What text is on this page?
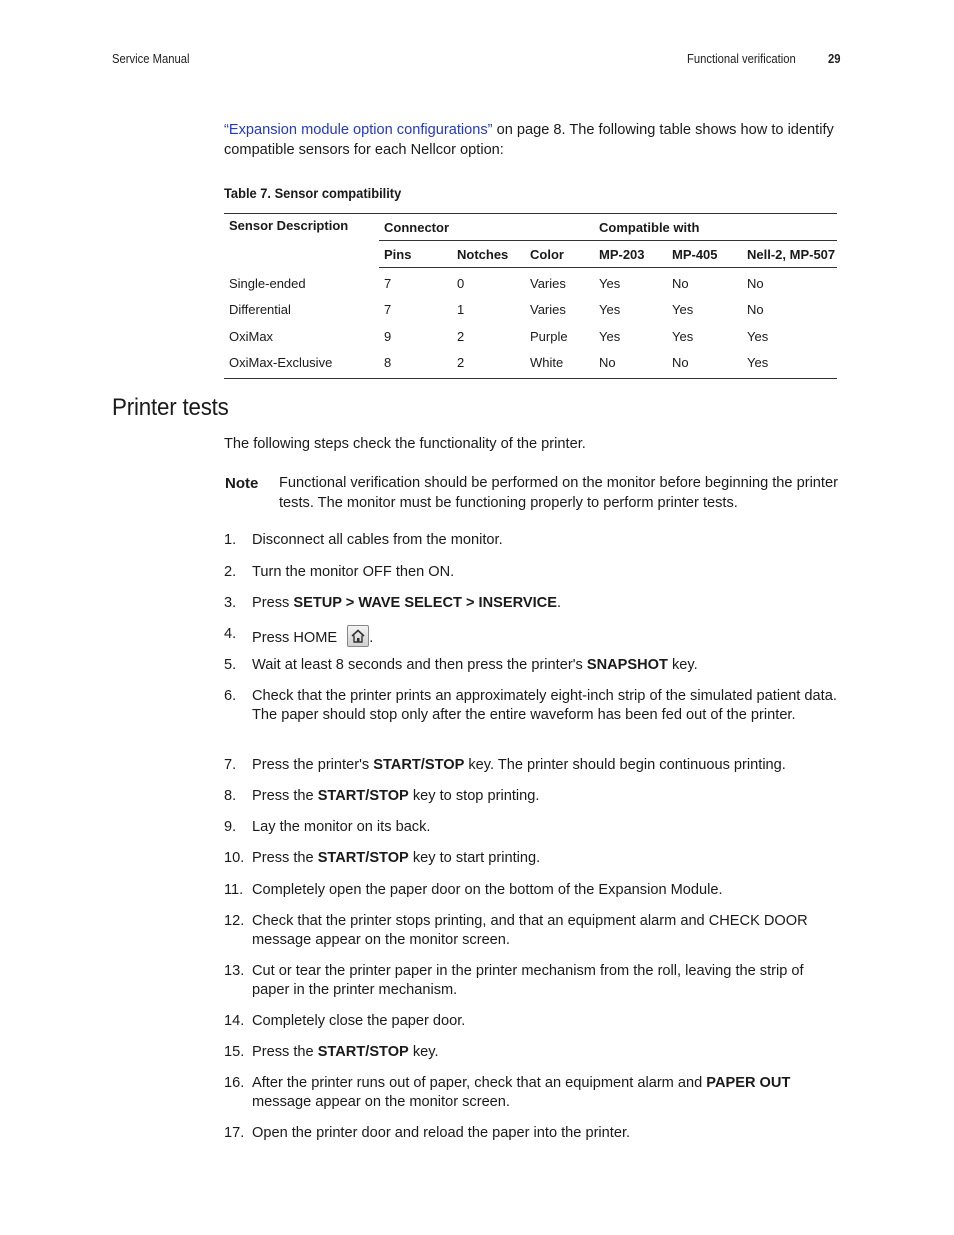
Service Manual	Functional verification	29
“Expansion module option configurations” on page 8. The following table shows how to identify compatible sensors for each Nellcor option:
Table 7. Sensor compatibility
Sensor Description	Connector			Compatible with		
	Pins	Notches	Color	MP-203	MP-405	Nell-2, MP-507
Single-ended	7	0	Varies	Yes	No	No
Differential	7	1	Varies	Yes	Yes	No
OxiMax	9	2	Purple	Yes	Yes	Yes
OxiMax-Exclusive	8	2	White	No	No	Yes
Printer tests
The following steps check the functionality of the printer.
Note Functional verification should be performed on the monitor before beginning the printer tests. The monitor must be functioning properly to perform printer tests.
1. Disconnect all cables from the monitor.
2. Turn the monitor OFF then ON.
3. Press SETUP > WAVE SELECT > INSERVICE.
4. Press HOME
.
5. Wait at least 8 seconds and then press the printer's SNAPSHOT key.
6. Check that the printer prints an approximately eight-inch strip of the simulated patient data. The paper should stop only after the entire waveform has been fed out of the printer.
7. Press the printer's START/STOP key. The printer should begin continuous printing.
8. Press the START/STOP key to stop printing.
9. Lay the monitor on its back.
10. Press the START/STOP key to start printing.
11. Completely open the paper door on the bottom of the Expansion Module.
12. Check that the printer stops printing, and that an equipment alarm and CHECK DOOR message appear on the monitor screen.
13. Cut or tear the printer paper in the printer mechanism from the roll, leaving the strip of paper in the printer mechanism.
14. Completely close the paper door.
15. Press the START/STOP key.
16. After the printer runs out of paper, check that an equipment alarm and PAPER OUT message appear on the monitor screen.
17. Open the printer door and reload the paper into the printer.
